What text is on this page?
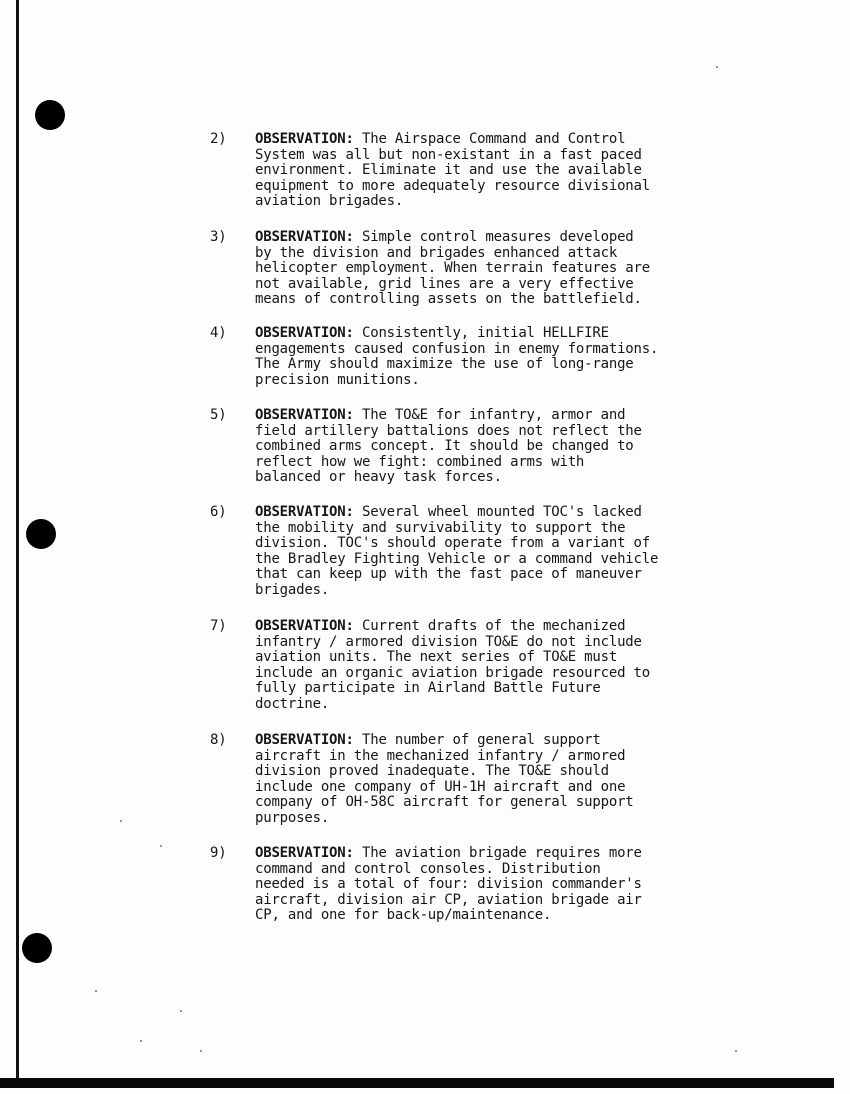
2)	OBSERVATION: The Airspace Command and Control
System was all but non-existant in a fast paced
environment. Eliminate it and use the available
equipment to more adequately resource divisional
aviation brigades.
3)	OBSERVATION: Simple control measures developed
by the division and brigades enhanced attack
helicopter employment. When terrain features are
not available, grid lines are a very effective
means of controlling assets on the battlefield.
4)	OBSERVATION: Consistently, initial HELLFIRE
engagements caused confusion in enemy formations.
The Army should maximize the use of long-range
precision munitions.
5)	OBSERVATION: The TO&E for infantry, armor and
field artillery battalions does not reflect the
combined arms concept. It should be changed to
reflect how we fight: combined arms with
balanced or heavy task forces.
6)	OBSERVATION: Several wheel mounted TOC's lacked
the mobility and survivability to support the
division. TOC's should operate from a variant of
the Bradley Fighting Vehicle or a command vehicle
that can keep up with the fast pace of maneuver
brigades.
7)	OBSERVATION: Current drafts of the mechanized
infantry / armored division TO&E do not include
aviation units. The next series of TO&E must
include an organic aviation brigade resourced to
fully participate in Airland Battle Future
doctrine.
8)	OBSERVATION: The number of general support
aircraft in the mechanized infantry / armored
division proved inadequate. The TO&E should
include one company of UH-1H aircraft and one
company of OH-58C aircraft for general support
purposes.
9)	OBSERVATION: The aviation brigade requires more
command and control consoles. Distribution
needed is a total of four: division commander's
aircraft, division air CP, aviation brigade air
CP, and one for back-up/maintenance.
